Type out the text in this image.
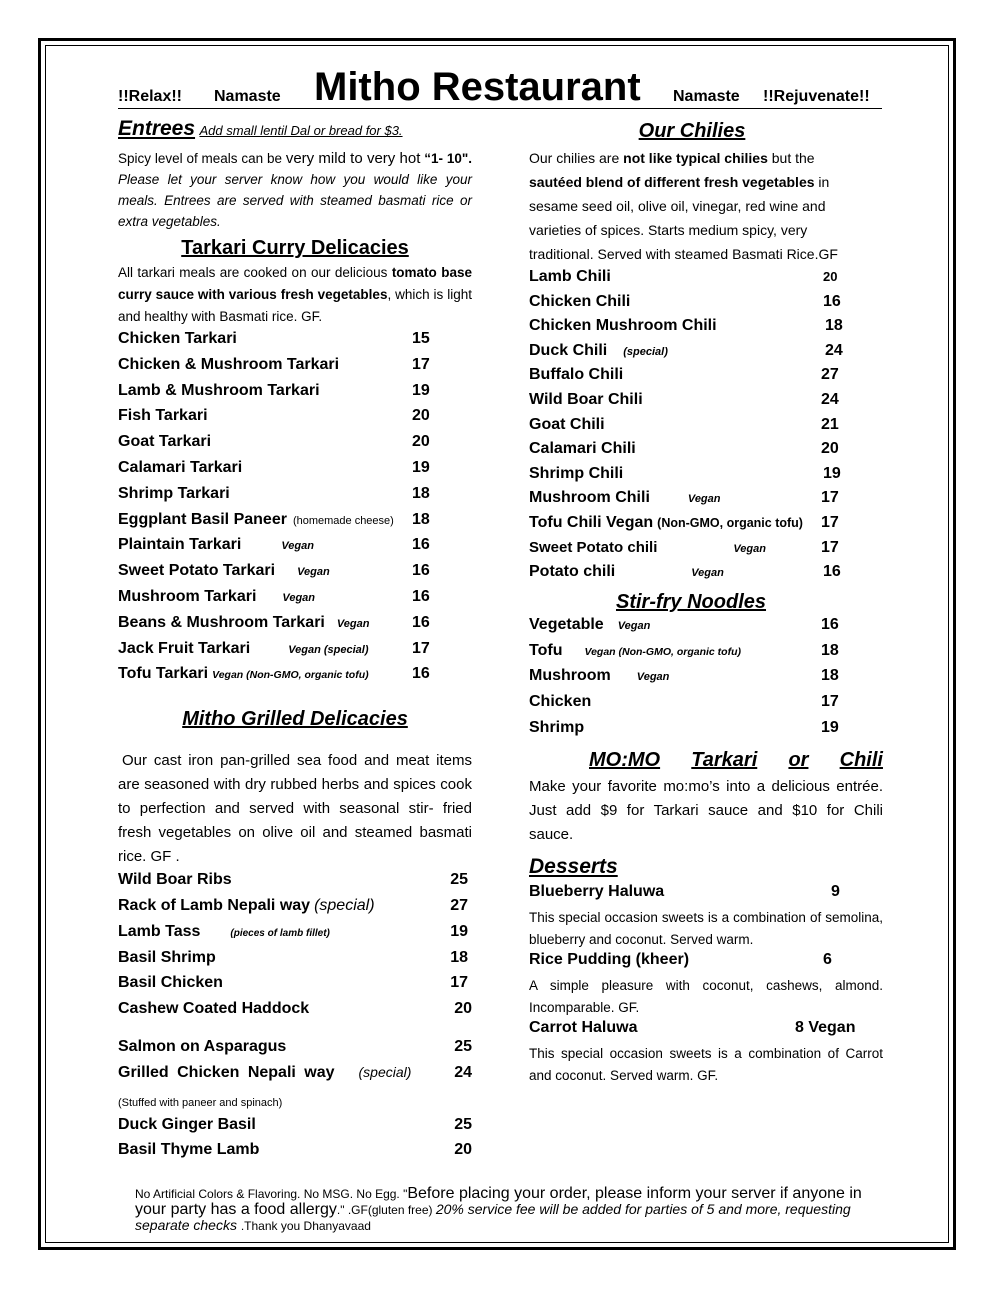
!!Relax!! Namaste Mitho Restaurant Namaste !!Rejuvenate!!
Entrees Add small lentil Dal or bread for $3.
Spicy level of meals can be very mild to very hot “1- 10". Please let your server know how you would like your meals. Entrees are served with steamed basmati rice or extra vegetables.
Tarkari Curry Delicacies
All tarkari meals are cooked on our delicious tomato base curry sauce with various fresh vegetables, which is light and healthy with Basmati rice. GF.
Chicken Tarkari	15
Chicken & Mushroom Tarkari	17
Lamb & Mushroom Tarkari	19
Fish Tarkari	20
Goat Tarkari	20
Calamari Tarkari	19
Shrimp Tarkari	18
Eggplant Basil Paneer (homemade cheese)	18
Plaintain Tarkari	Vegan	16
Sweet Potato Tarkari	Vegan	16
Mushroom Tarkari	Vegan	16
Beans & Mushroom Tarkari	Vegan	16
Jack Fruit Tarkari	Vegan (special)	17
Tofu Tarkari Vegan (Non-GMO, organic tofu)	16
Mitho Grilled Delicacies
Our cast iron pan-grilled sea food and meat items are seasoned with dry rubbed herbs and spices cook to perfection and served with seasonal stir- fried fresh vegetables on olive oil and steamed basmati rice. GF .
Wild Boar Ribs	25
Rack of Lamb Nepali way (special)	27
Lamb Tass	(pieces of lamb fillet)	19
Basil Shrimp	18
Basil Chicken	17
Cashew Coated Haddock	20
Salmon on Asparagus	25
Grilled Chicken Nepali way	(special)	24
(Stuffed with paneer and spinach)
Duck Ginger Basil	25
Basil Thyme Lamb	20
Our Chilies
Our chilies are not like typical chilies but the sautéed blend of different fresh vegetables in sesame seed oil, olive oil, vinegar, red wine and varieties of spices. Starts medium spicy, very traditional. Served with steamed Basmati Rice.GF
Lamb Chili	20
Chicken Chili	16
Chicken Mushroom Chili	18
Duck Chili	(special)	24
Buffalo Chili	27
Wild Boar Chili	24
Goat Chili	21
Calamari Chili	20
Shrimp Chili	19
Mushroom Chili	Vegan	17
Tofu Chili Vegan (Non-GMO, organic tofu)	17
Sweet Potato chili	Vegan	17
Potato chili	Vegan	16
Stir-fry Noodles
Vegetable	Vegan	16
Tofu	Vegan (Non-GMO, organic tofu)	18
Mushroom	Vegan	18
Chicken	17
Shrimp	19
MO:MO Tarkari or Chili
Make your favorite mo:mo’s into a delicious entrée. Just add $9 for Tarkari sauce and $10 for Chili sauce.
Desserts
Blueberry Haluwa	9
This special occasion sweets is a combination of semolina, blueberry and coconut. Served warm.
Rice Pudding (kheer)	6
A simple pleasure with coconut, cashews, almond. Incomparable. GF.
Carrot Haluwa	8 Vegan
This special occasion sweets is a combination of Carrot and coconut. Served warm. GF.
No Artificial Colors & Flavoring. No MSG. No Egg. "Before placing your order, please inform your server if anyone in your party has a food allergy." .GF(gluten free) 20% service fee will be added for parties of 5 and more, requesting separate checks .Thank you Dhanyavaad
